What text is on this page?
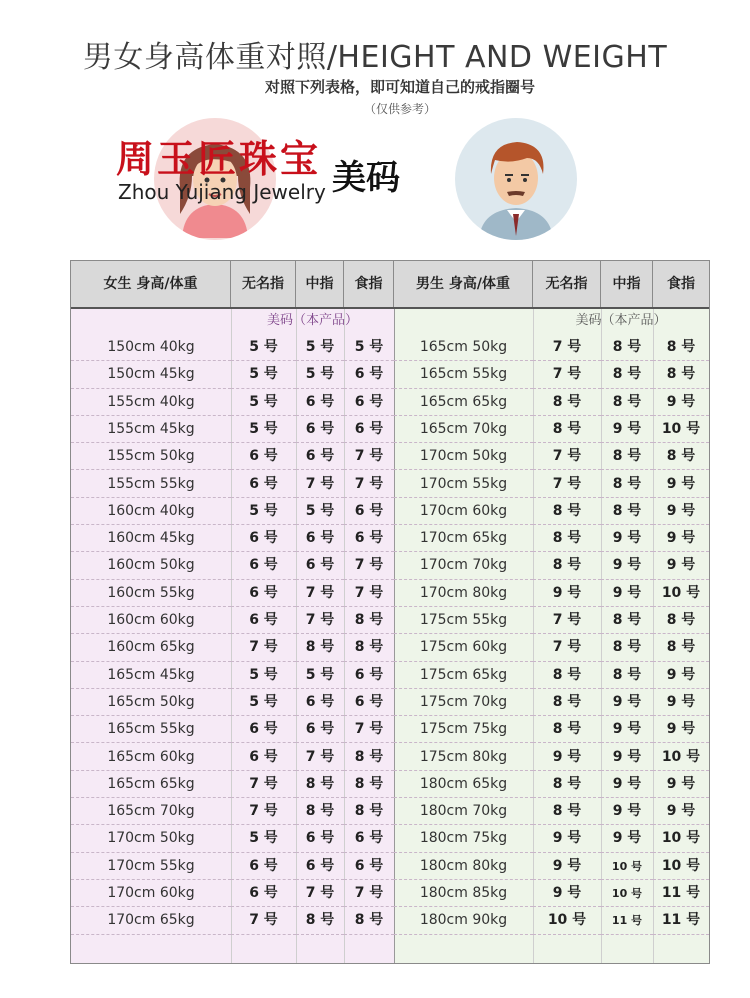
男女身高体重对照/HEIGHT AND WEIGHT
对照下列表格，即可知道自己的戒指圈号
（仅供参考）
周玉匠珠宝
Zhou Yujiang Jewelry 美码
女生 身高/体重	无名指	中指	食指	男生 身高/体重	无名指	中指	食指
美码（本产品）	美码（本产品）
150cm 40kg	5 号	5 号	5 号	165cm 50kg	7 号	8 号	8 号
150cm 45kg	5 号	5 号	6 号	165cm 55kg	7 号	8 号	8 号
155cm 40kg	5 号	6 号	6 号	165cm 65kg	8 号	8 号	9 号
155cm 45kg	5 号	6 号	6 号	165cm 70kg	8 号	9 号	10 号
155cm 50kg	6 号	6 号	7 号	170cm 50kg	7 号	8 号	8 号
155cm 55kg	6 号	7 号	7 号	170cm 55kg	7 号	8 号	9 号
160cm 40kg	5 号	5 号	6 号	170cm 60kg	8 号	8 号	9 号
160cm 45kg	6 号	6 号	6 号	170cm 65kg	8 号	9 号	9 号
160cm 50kg	6 号	6 号	7 号	170cm 70kg	8 号	9 号	9 号
160cm 55kg	6 号	7 号	7 号	170cm 80kg	9 号	9 号	10 号
160cm 60kg	6 号	7 号	8 号	175cm 55kg	7 号	8 号	8 号
160cm 65kg	7 号	8 号	8 号	175cm 60kg	7 号	8 号	8 号
165cm 45kg	5 号	5 号	6 号	175cm 65kg	8 号	8 号	9 号
165cm 50kg	5 号	6 号	6 号	175cm 70kg	8 号	9 号	9 号
165cm 55kg	6 号	6 号	7 号	175cm 75kg	8 号	9 号	9 号
165cm 60kg	6 号	7 号	8 号	175cm 80kg	9 号	9 号	10 号
165cm 65kg	7 号	8 号	8 号	180cm 65kg	8 号	9 号	9 号
165cm 70kg	7 号	8 号	8 号	180cm 70kg	8 号	9 号	9 号
170cm 50kg	5 号	6 号	6 号	180cm 75kg	9 号	9 号	10 号
170cm 55kg	6 号	6 号	6 号	180cm 80kg	9 号	10 号	10 号
170cm 60kg	6 号	7 号	7 号	180cm 85kg	9 号	10 号	11 号
170cm 65kg	7 号	8 号	8 号	180cm 90kg	10 号	11 号	11 号
